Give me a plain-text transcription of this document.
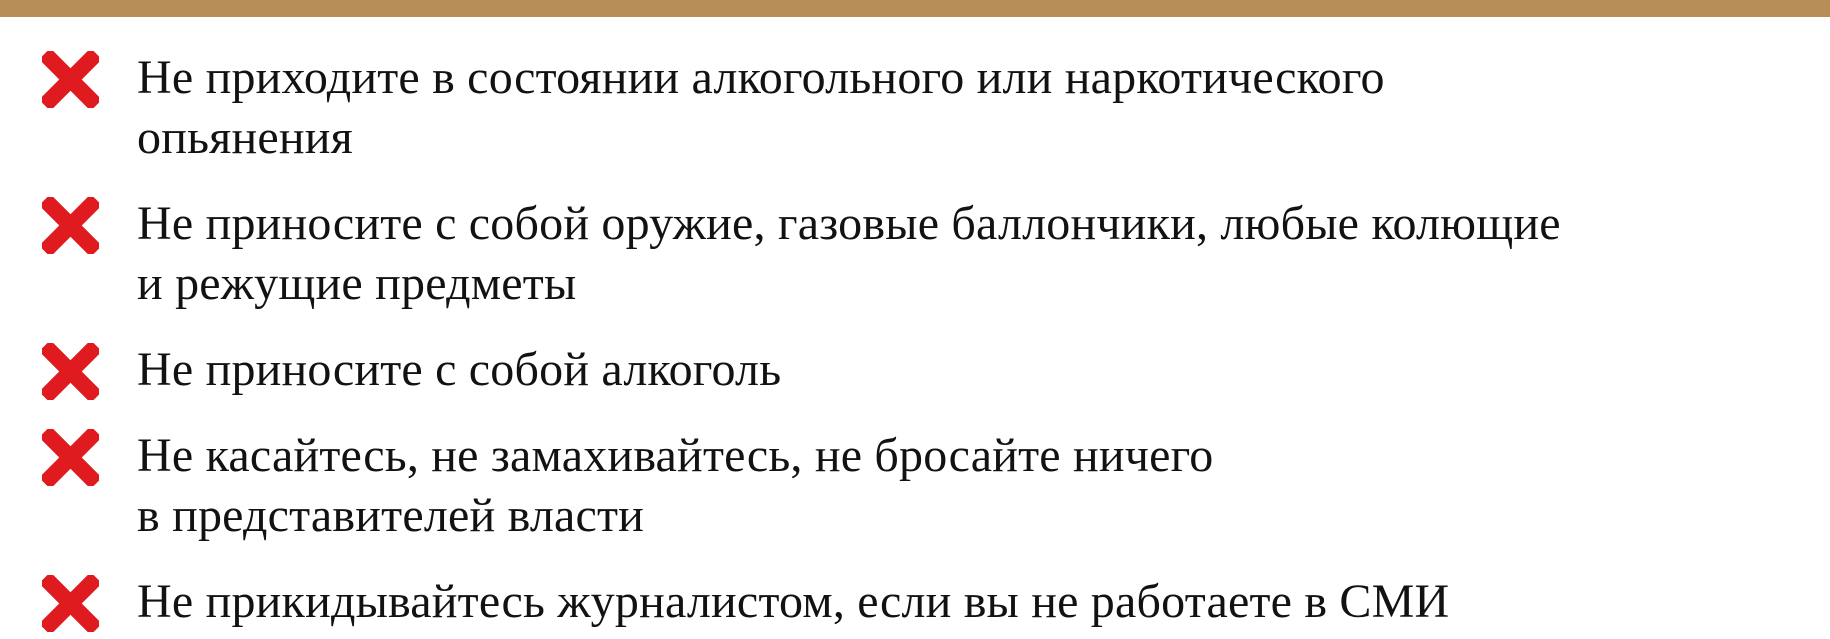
Не приходите в состоянии алкогольного или наркотического
опьянения
Не приносите с собой оружие, газовые баллончики, любые колющие
и режущие предметы
Не приносите с собой алкоголь
Не касайтесь, не замахивайтесь, не бросайте ничего
в представителей власти
Не прикидывайтесь журналистом, если вы не работаете в СМИ
